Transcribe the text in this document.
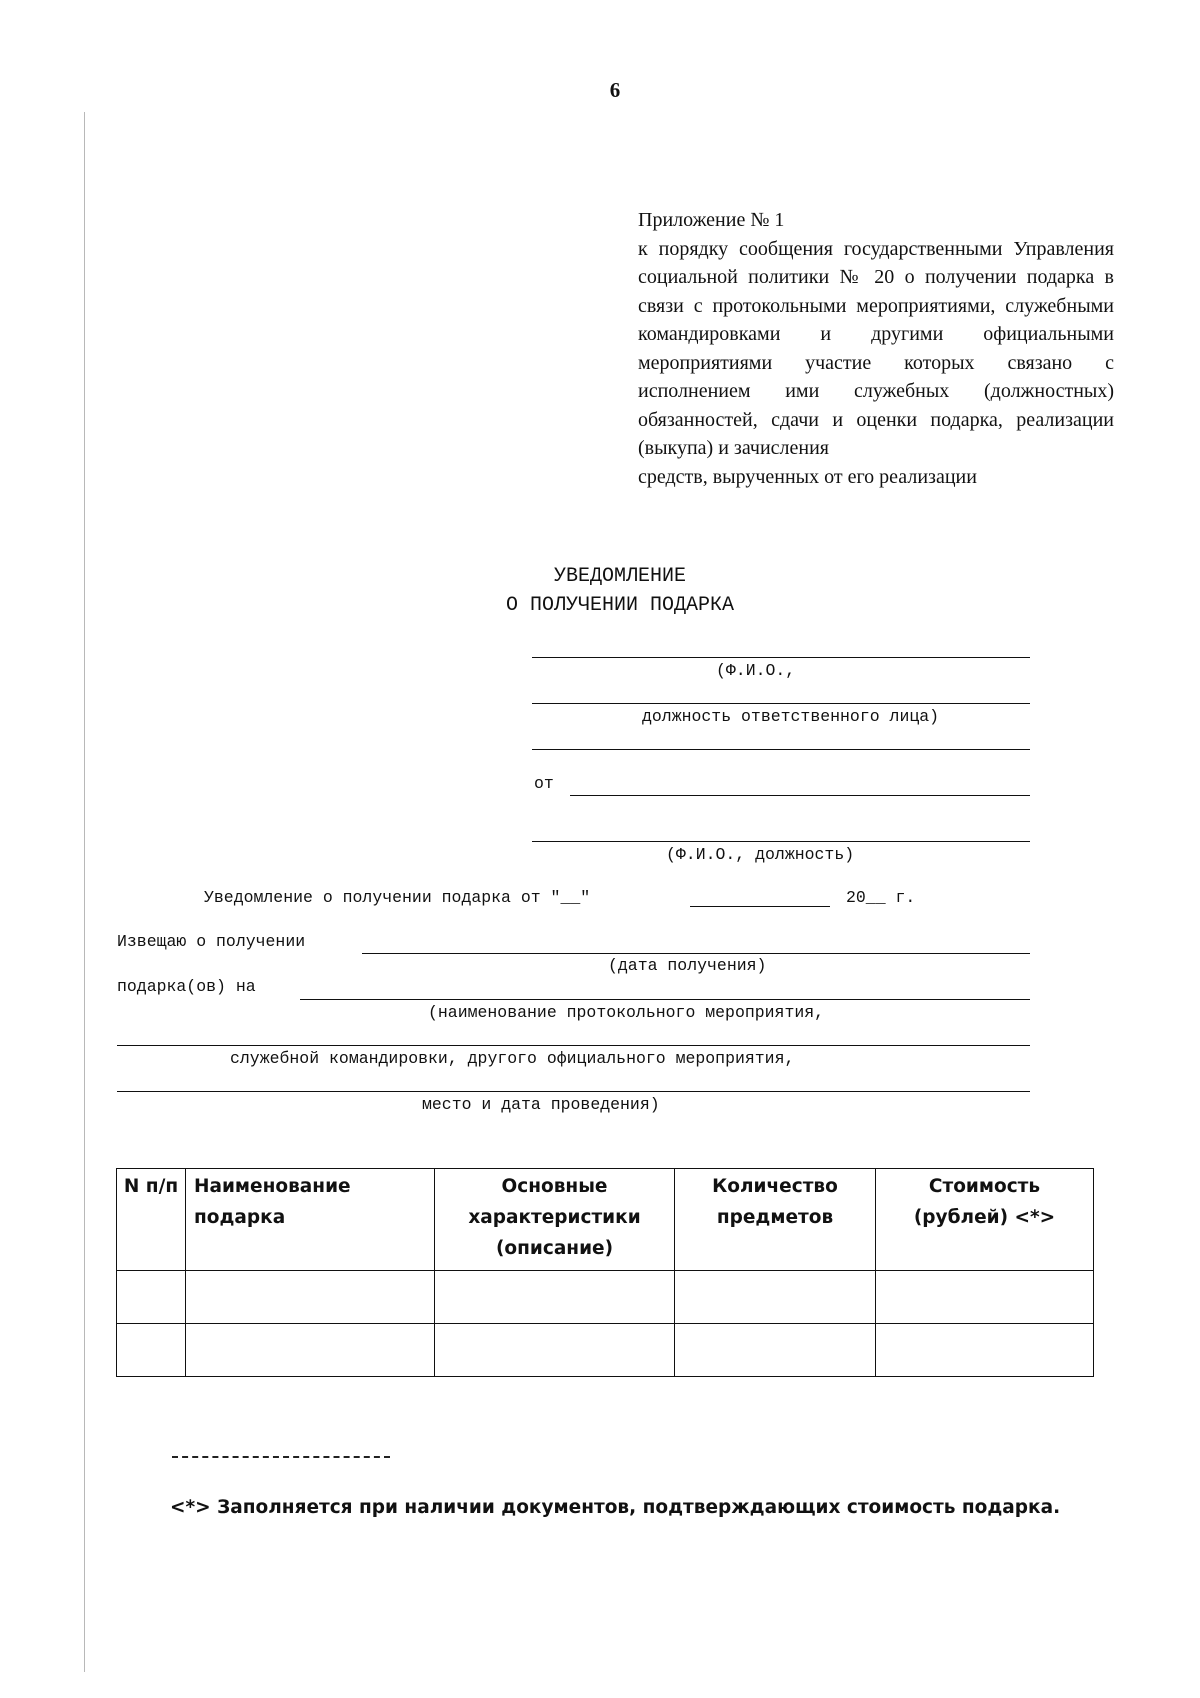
6
Приложение № 1
к порядку сообщения государственными Управления социальной политики № 20 о получении подарка в связи с протокольными мероприятиями, служебными командировками и другими официальными мероприятиями участие которых связано с исполнением ими служебных (должностных) обязанностей, сдачи и оценки подарка, реализации (выкупа) и зачисления
средств, вырученных от его реализации
УВЕДОМЛЕНИЕ
О ПОЛУЧЕНИИ ПОДАРКА
(Ф.И.О.,
должность ответственного лица)
от
(Ф.И.О., должность)
Уведомление о получении подарка от "__"	20__ г.
Извещаю о получении
(дата получения)
подарка(ов) на
(наименование протокольного мероприятия,
служебной командировки, другого официального мероприятия,
место и дата проведения)
N п/п	Наименование подарка	Основные характеристики (описание)	Количество предметов	Стоимость (рублей) <*>

<*> Заполняется при наличии документов, подтверждающих стоимость подарка.
